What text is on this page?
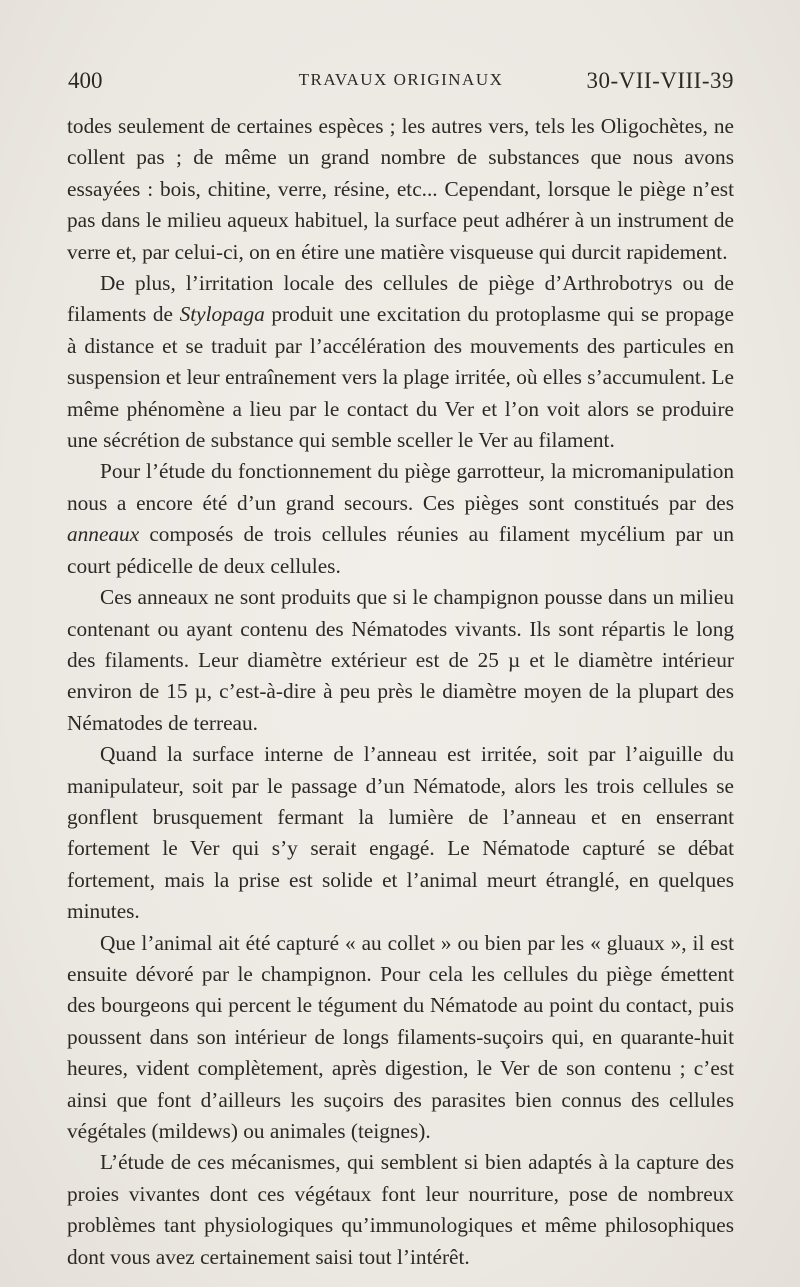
400	TRAVAUX ORIGINAUX	30-VII-VIII-39

todes seulement de certaines espèces ; les autres vers, tels les Oligochètes, ne collent pas ; de même un grand nombre de substances que nous avons essayées : bois, chitine, verre, résine, etc... Cependant, lorsque le piège n’est pas dans le milieu aqueux habituel, la surface peut adhérer à un instrument de verre et, par celui-ci, on en étire une matière visqueuse qui durcit rapidement.

De plus, l’irritation locale des cellules de piège d’Arthrobotrys ou de filaments de Stylopaga produit une excitation du protoplasme qui se propage à distance et se traduit par l’accélération des mouvements des particules en suspension et leur entraînement vers la plage irritée, où elles s’accumulent. Le même phénomène a lieu par le contact du Ver et l’on voit alors se produire une sécrétion de substance qui semble sceller le Ver au filament.

Pour l’étude du fonctionnement du piège garrotteur, la micromanipulation nous a encore été d’un grand secours. Ces pièges sont constitués par des anneaux composés de trois cellules réunies au filament mycélium par un court pédicelle de deux cellules.

Ces anneaux ne sont produits que si le champignon pousse dans un milieu contenant ou ayant contenu des Nématodes vivants. Ils sont répartis le long des filaments. Leur diamètre extérieur est de 25 µ et le diamètre intérieur environ de 15 µ, c’est-à-dire à peu près le diamètre moyen de la plupart des Nématodes de terreau.

Quand la surface interne de l’anneau est irritée, soit par l’aiguille du manipulateur, soit par le passage d’un Nématode, alors les trois cellules se gonflent brusquement fermant la lumière de l’anneau et en enserrant fortement le Ver qui s’y serait engagé. Le Nématode capturé se débat fortement, mais la prise est solide et l’animal meurt étranglé, en quelques minutes.

Que l’animal ait été capturé « au collet » ou bien par les « gluaux », il est ensuite dévoré par le champignon. Pour cela les cellules du piège émettent des bourgeons qui percent le tégument du Nématode au point du contact, puis poussent dans son intérieur de longs filaments-suçoirs qui, en quarante-huit heures, vident complètement, après digestion, le Ver de son contenu ; c’est ainsi que font d’ailleurs les suçoirs des parasites bien connus des cellules végétales (mildews) ou animales (teignes).

L’étude de ces mécanismes, qui semblent si bien adaptés à la capture des proies vivantes dont ces végétaux font leur nourriture, pose de nombreux problèmes tant physiologiques qu’immunologiques et même philosophiques dont vous avez certainement saisi tout l’intérêt.
